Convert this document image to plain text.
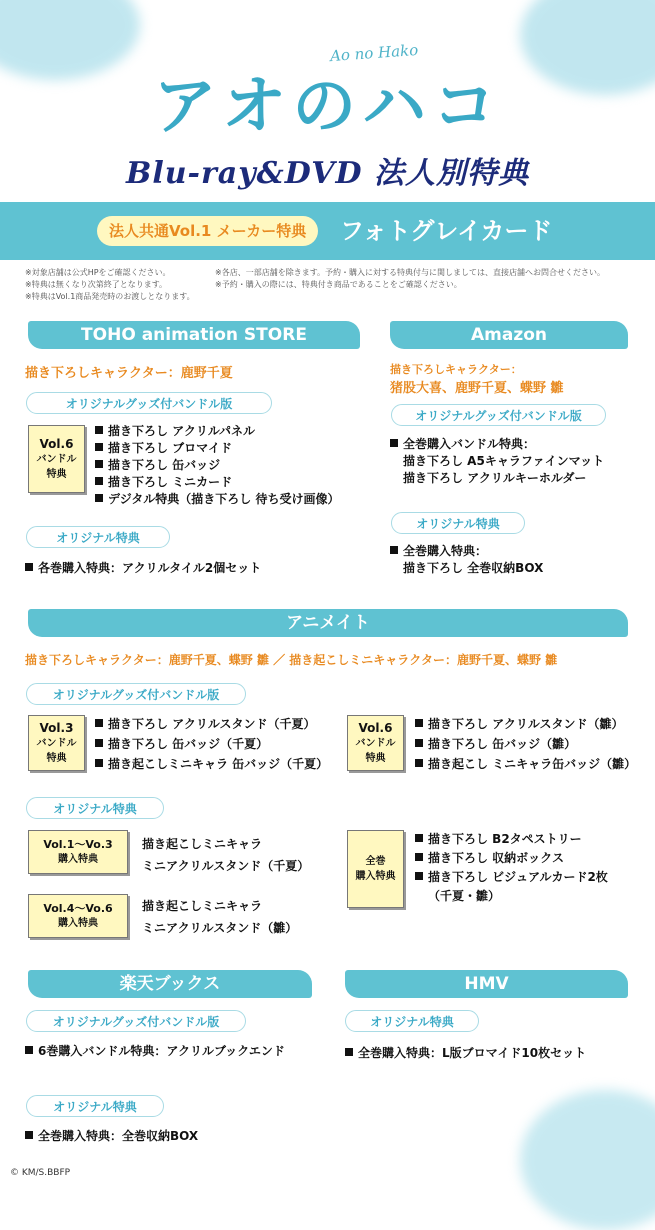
Ao no Hako
アオのハコ
Blu-ray&DVD 法人別特典
法人共通Vol.1 メーカー特典	フォトグレイカード
※対象店舗は公式HPをご確認ください。
※特典は無くなり次第終了となります。
※特典はVol.1商品発売時のお渡しとなります。
※各店、一部店舗を除きます。予約・購入に対する特典付与に関しましては、直接店舗へお問合せください。
※予約・購入の際には、特典付き商品であることをご確認ください。
TOHO animation STORE
描き下ろしキャラクター：鹿野千夏
オリジナルグッズ付バンドル版
Vol.6
バンドル
特典
描き下ろし アクリルパネル
描き下ろし ブロマイド
描き下ろし 缶バッジ
描き下ろし ミニカード
デジタル特典（描き下ろし 待ち受け画像）
オリジナル特典
各巻購入特典：アクリルタイル2個セット
Amazon
描き下ろしキャラクター：
猪股大喜、鹿野千夏、蝶野 雛
オリジナルグッズ付バンドル版
全巻購入バンドル特典：
描き下ろし A5キャラファインマット
描き下ろし アクリルキーホルダー
オリジナル特典
全巻購入特典：
描き下ろし 全巻収納BOX
アニメイト
描き下ろしキャラクター：鹿野千夏、蝶野 雛 ／ 描き起こしミニキャラクター：鹿野千夏、蝶野 雛
オリジナルグッズ付バンドル版
Vol.3
バンドル
特典
描き下ろし アクリルスタンド（千夏）
描き下ろし 缶バッジ（千夏）
描き起こしミニキャラ 缶バッジ（千夏）
Vol.6
バンドル
特典
描き下ろし アクリルスタンド（雛）
描き下ろし 缶バッジ（雛）
描き起こし ミニキャラ缶バッジ（雛）
オリジナル特典
Vol.1～Vo.3
購入特典
描き起こしミニキャラ
ミニアクリルスタンド（千夏）
Vol.4～Vo.6
購入特典
描き起こしミニキャラ
ミニアクリルスタンド（雛）
全巻
購入特典
描き下ろし B2タペストリー
描き下ろし 収納ボックス
描き下ろし ビジュアルカード2枚
（千夏・雛）
楽天ブックス
オリジナルグッズ付バンドル版
6巻購入バンドル特典：アクリルブックエンド
オリジナル特典
全巻購入特典：全巻収納BOX
HMV
オリジナル特典
全巻購入特典：L版ブロマイド10枚セット
© KM/S.BBFP
